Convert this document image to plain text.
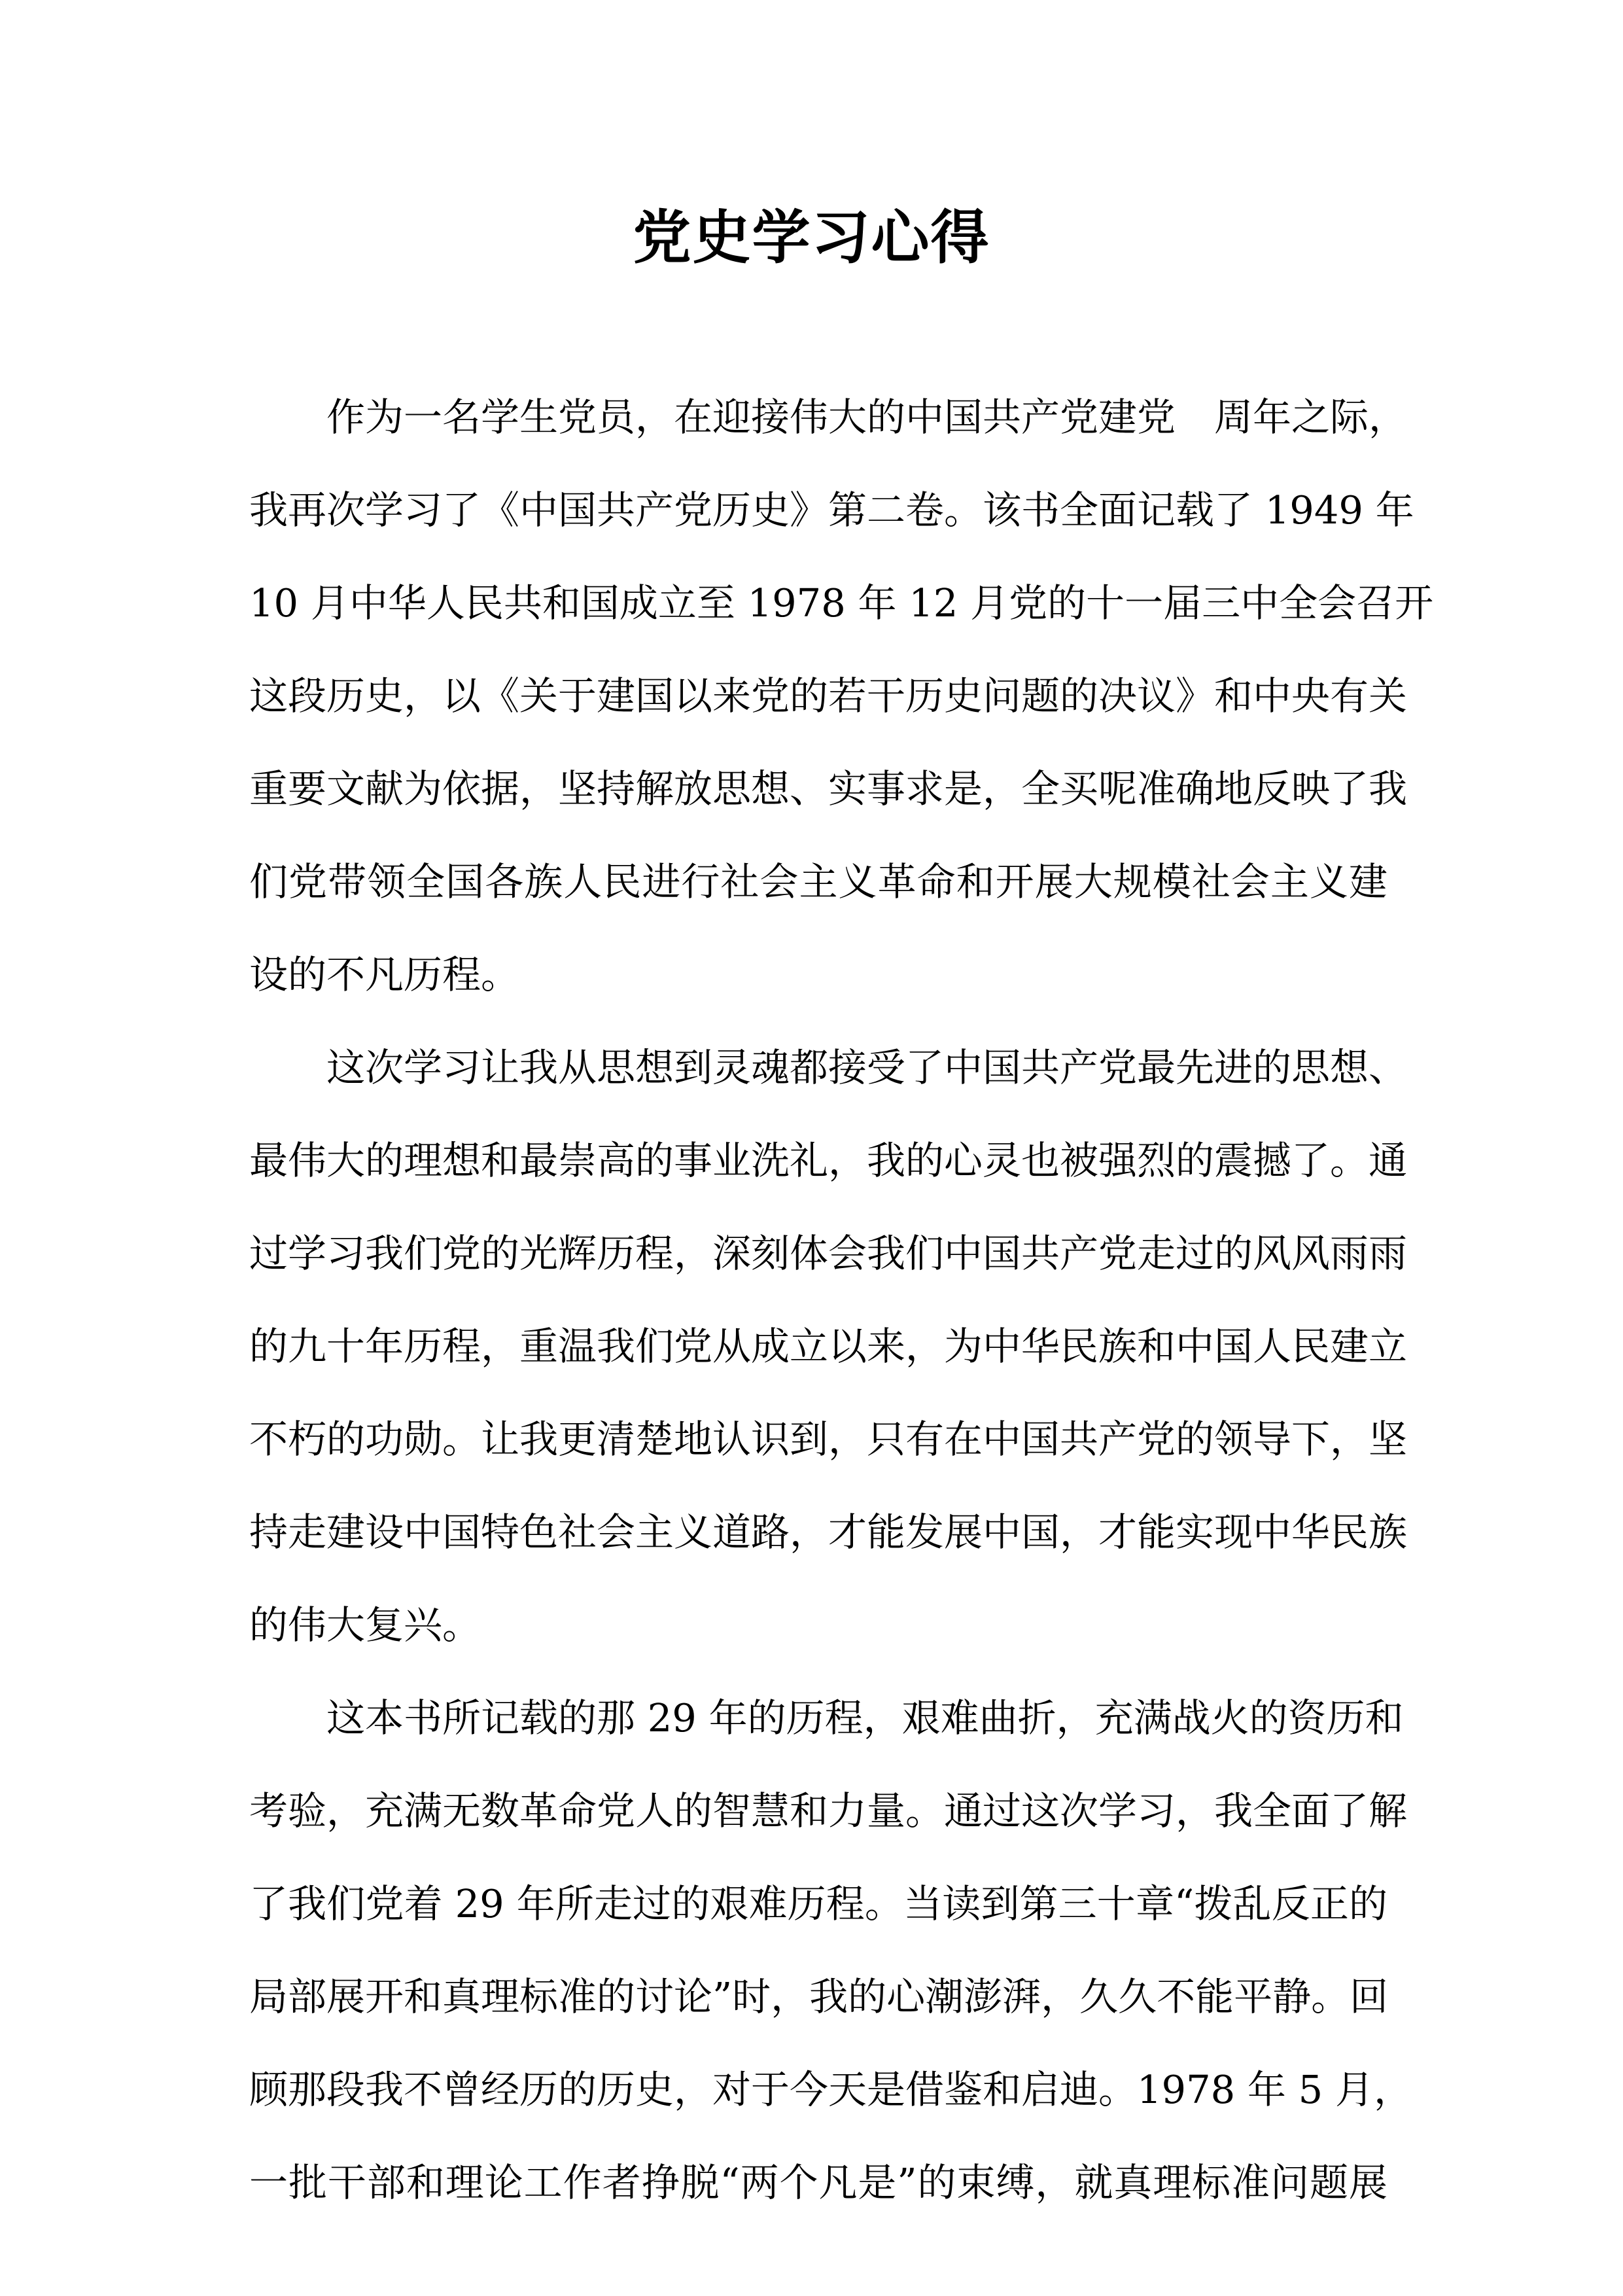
党史学习心得
作为一名学生党员，在迎接伟大的中国共产党建党　周年之际，
我再次学习了《中国共产党历史》第二卷。该书全面记载了 1949 年
10 月中华人民共和国成立至 1978 年 12 月党的十一届三中全会召开
这段历史，以《关于建国以来党的若干历史问题的决议》和中央有关
重要文献为依据，坚持解放思想、实事求是，全买呢准确地反映了我
们党带领全国各族人民进行社会主义革命和开展大规模社会主义建
设的不凡历程。
这次学习让我从思想到灵魂都接受了中国共产党最先进的思想、
最伟大的理想和最崇高的事业洗礼，我的心灵也被强烈的震撼了。通
过学习我们党的光辉历程，深刻体会我们中国共产党走过的风风雨雨
的九十年历程，重温我们党从成立以来，为中华民族和中国人民建立
不朽的功勋。让我更清楚地认识到，只有在中国共产党的领导下，坚
持走建设中国特色社会主义道路，才能发展中国，才能实现中华民族
的伟大复兴。
这本书所记载的那 29 年的历程，艰难曲折，充满战火的资历和
考验，充满无数革命党人的智慧和力量。通过这次学习，我全面了解
了我们党着 29 年所走过的艰难历程。当读到第三十章“拨乱反正的
局部展开和真理标准的讨论”时，我的心潮澎湃，久久不能平静。回
顾那段我不曾经历的历史，对于今天是借鉴和启迪。1978 年 5 月，
一批干部和理论工作者挣脱“两个凡是”的束缚，就真理标准问题展
